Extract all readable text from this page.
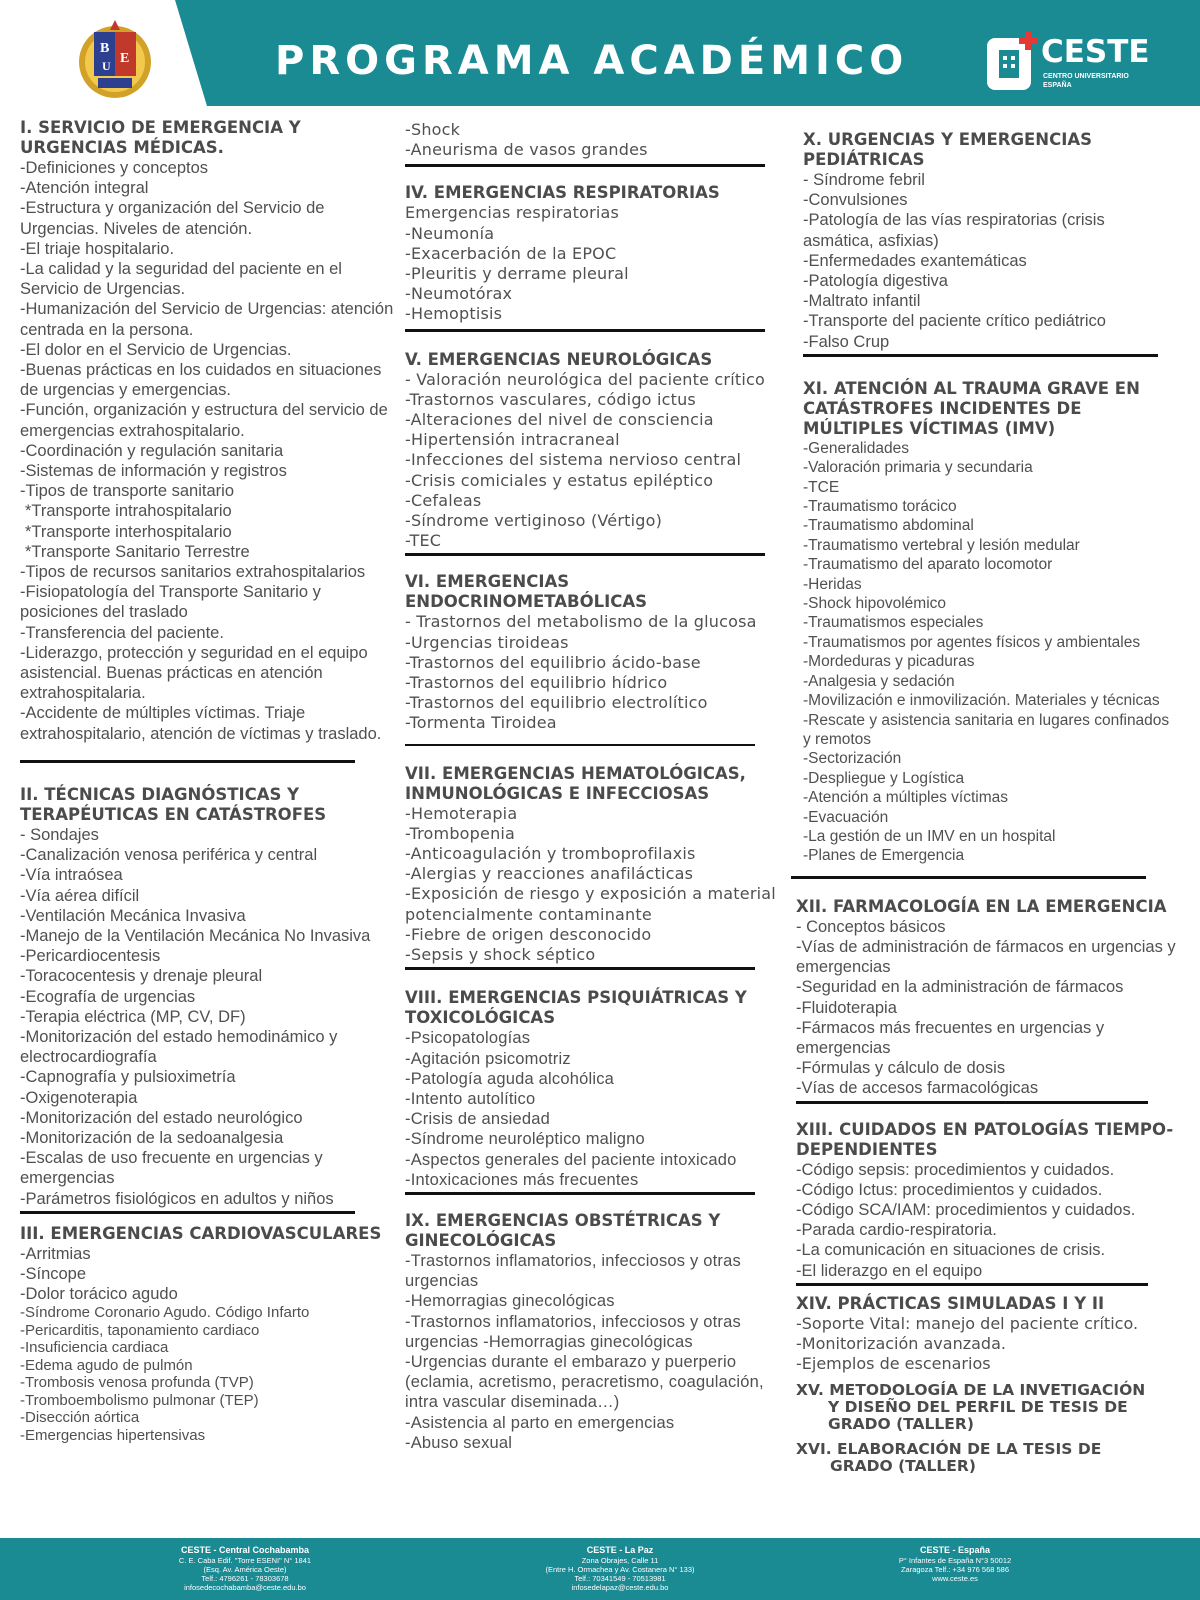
PROGRAMA ACADÉMICO
B
U E	CESTE
CENTRO UNIVERSITARIO
ESPAÑA
I. SERVICIO DE EMERGENCIA Y URGENCIAS MÉDICAS.
-Definiciones y conceptos
-Atención integral
-Estructura y organización del Servicio de Urgencias. Niveles de atención.
-El triaje hospitalario.
-La calidad y la seguridad del paciente en el Servicio de Urgencias.
-Humanización del Servicio de Urgencias: atención centrada en la persona.
-El dolor en el Servicio de Urgencias.
-Buenas prácticas en los cuidados en situaciones de urgencias y emergencias.
-Función, organización y estructura del servicio de emergencias extrahospitalario.
-Coordinación y regulación sanitaria
-Sistemas de información y registros
-Tipos de transporte sanitario
*Transporte intrahospitalario
*Transporte interhospitalario
*Transporte Sanitario Terrestre
-Tipos de recursos sanitarios extrahospitalarios
-Fisiopatología del Transporte Sanitario y posiciones del traslado
-Transferencia del paciente.
-Liderazgo, protección y seguridad en el equipo asistencial. Buenas prácticas en atención extrahospitalaria.
-Accidente de múltiples víctimas. Triaje extrahospitalario, atención de víctimas y traslado.
II. TÉCNICAS DIAGNÓSTICAS Y TERAPÉUTICAS EN CATÁSTROFES
- Sondajes
-Canalización venosa periférica y central
-Vía intraósea
-Vía aérea difícil
-Ventilación Mecánica Invasiva
-Manejo de la Ventilación Mecánica No Invasiva
-Pericardiocentesis
-Toracocentesis y drenaje pleural
-Ecografía de urgencias
-Terapia eléctrica (MP, CV, DF)
-Monitorización del estado hemodinámico y electrocardiografía
-Capnografía y pulsioximetría
-Oxigenoterapia
-Monitorización del estado neurológico
-Monitorización de la sedoanalgesia
-Escalas de uso frecuente en urgencias y emergencias
-Parámetros fisiológicos en adultos y niños
III. EMERGENCIAS CARDIOVASCULARES
-Arritmias
-Síncope
-Dolor torácico agudo
-Síndrome Coronario Agudo. Código Infarto
-Pericarditis, taponamiento cardiaco
-Insuficiencia cardiaca
-Edema agudo de pulmón
-Trombosis venosa profunda (TVP)
-Tromboembolismo pulmonar (TEP)
-Disección aórtica
-Emergencias hipertensivas
-Shock
-Aneurisma de vasos grandes
IV. EMERGENCIAS RESPIRATORIAS
Emergencias respiratorias
-Neumonía
-Exacerbación de la EPOC
-Pleuritis y derrame pleural
-Neumotórax
-Hemoptisis
V. EMERGENCIAS NEUROLÓGICAS
- Valoración neurológica del paciente crítico
-Trastornos vasculares, código ictus
-Alteraciones del nivel de consciencia
-Hipertensión intracraneal
-Infecciones del sistema nervioso central
-Crisis comiciales y estatus epiléptico
-Cefaleas
-Síndrome vertiginoso (Vértigo)
-TEC
VI. EMERGENCIAS ENDOCRINOMETABÓLICAS
- Trastornos del metabolismo de la glucosa
-Urgencias tiroideas
-Trastornos del equilibrio ácido-base
-Trastornos del equilibrio hídrico
-Trastornos del equilibrio electrolítico
-Tormenta Tiroidea
VII. EMERGENCIAS HEMATOLÓGICAS, INMUNOLÓGICAS E INFECCIOSAS
-Hemoterapia
-Trombopenia
-Anticoagulación y tromboprofilaxis
-Alergias y reacciones anafilácticas
-Exposición de riesgo y exposición a material potencialmente contaminante
-Fiebre de origen desconocido
-Sepsis y shock séptico
VIII. EMERGENCIAS PSIQUIÁTRICAS Y TOXICOLÓGICAS
-Psicopatologías
-Agitación psicomotriz
-Patología aguda alcohólica
-Intento autolítico
-Crisis de ansiedad
-Síndrome neuroléptico maligno
-Aspectos generales del paciente intoxicado
-Intoxicaciones más frecuentes
IX. EMERGENCIAS OBSTÉTRICAS Y GINECOLÓGICAS
-Trastornos inflamatorios, infecciosos y otras urgencias
-Hemorragias ginecológicas
-Trastornos inflamatorios, infecciosos y otras urgencias -Hemorragias ginecológicas
-Urgencias durante el embarazo y puerperio (eclamia, acretismo, peracretismo, coagulación, intra vascular diseminada…)
-Asistencia al parto en emergencias
-Abuso sexual
X. URGENCIAS Y EMERGENCIAS PEDIÁTRICAS
- Síndrome febril
-Convulsiones
-Patología de las vías respiratorias (crisis asmática, asfixias)
-Enfermedades exantemáticas
-Patología digestiva
-Maltrato infantil
-Transporte del paciente crítico pediátrico
-Falso Crup
XI. ATENCIÓN AL TRAUMA GRAVE EN CATÁSTROFES INCIDENTES DE MÚLTIPLES VÍCTIMAS (IMV)
-Generalidades
-Valoración primaria y secundaria
-TCE
-Traumatismo torácico
-Traumatismo abdominal
-Traumatismo vertebral y lesión medular
-Traumatismo del aparato locomotor
-Heridas
-Shock hipovolémico
-Traumatismos especiales
-Traumatismos por agentes físicos y ambientales
-Mordeduras y picaduras
-Analgesia y sedación
-Movilización e inmovilización. Materiales y técnicas
-Rescate y asistencia sanitaria en lugares confinados y remotos
-Sectorización
-Despliegue y Logística
-Atención a múltiples víctimas
-Evacuación
-La gestión de un IMV en un hospital
-Planes de Emergencia
XII. FARMACOLOGÍA EN LA EMERGENCIA
- Conceptos básicos
-Vías de administración de fármacos en urgencias y emergencias
-Seguridad en la administración de fármacos
-Fluidoterapia
-Fármacos más frecuentes en urgencias y emergencias
-Fórmulas y cálculo de dosis
-Vías de accesos farmacológicas
XIII. CUIDADOS EN PATOLOGÍAS TIEMPO-DEPENDIENTES
-Código sepsis: procedimientos y cuidados.
-Código Ictus: procedimientos y cuidados.
-Código SCA/IAM: procedimientos y cuidados.
-Parada cardio-respiratoria.
-La comunicación en situaciones de crisis.
-El liderazgo en el equipo
XIV. PRÁCTICAS SIMULADAS I Y II
-Soporte Vital: manejo del paciente crítico.
-Monitorización avanzada.
-Ejemplos de escenarios
XV. METODOLOGÍA DE LA INVETIGACIÓN
Y DISEÑO DEL PERFIL DE TESIS DE
GRADO (TALLER)
XVI. ELABORACIÓN DE LA TESIS DE
GRADO (TALLER)
CESTE - Central Cochabamba
C. E. Caba Edif. "Torre ESENI" N° 1841
(Esq. Av. América Oeste)
Telf.: 4796261 - 78303678
infosedecochabamba@ceste.edu.bo
CESTE - La Paz
Zona Obrajes, Calle 11
(Entre H. Ormachea y Av. Costanera N° 133)
Telf.: 70341549 - 70513981
infosedelapaz@ceste.edu.bo
CESTE - España
P° Infantes de España N°3 50012
Zaragoza Telf.: +34 976 568 586
www.ceste.es
